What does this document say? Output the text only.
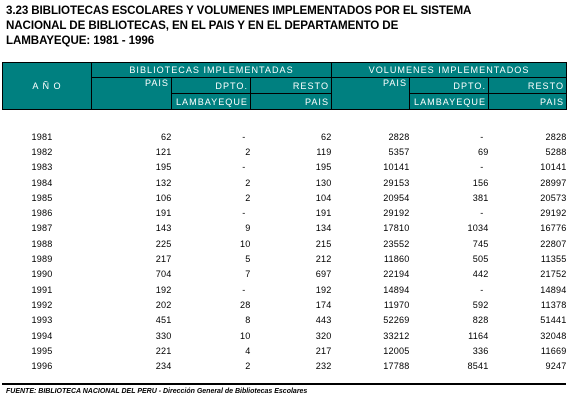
3.23 BIBLIOTECAS ESCOLARES Y VOLUMENES IMPLEMENTADOS POR EL SISTEMA
NACIONAL DE BIBLIOTECAS, EN EL PAIS Y EN EL DEPARTAMENTO DE
LAMBAYEQUE: 1981 - 1996
A Ñ O	BIBLIOTECAS IMPLEMENTADAS			VOLUMENES IMPLEMENTADOS		
	PAIS	DPTO.	RESTO	PAIS	DPTO.	RESTO
		LAMBAYEQUE	PAIS		LAMBAYEQUE	PAIS

1981	62	-	62	2828	-	2828
1982	121	2	119	5357	69	5288
1983	195	-	195	10141	-	10141
1984	132	2	130	29153	156	28997
1985	106	2	104	20954	381	20573
1986	191	-	191	29192	-	29192
1987	143	9	134	17810	1034	16776
1988	225	10	215	23552	745	22807
1989	217	5	212	11860	505	11355
1990	704	7	697	22194	442	21752
1991	192	-	192	14894	-	14894
1992	202	28	174	11970	592	11378
1993	451	8	443	52269	828	51441
1994	330	10	320	33212	1164	32048
1995	221	4	217	12005	336	11669
1996	234	2	232	17788	8541	9247
FUENTE: BIBLIOTECA NACIONAL DEL PERU - Dirección General de Bibliotecas Escolares
